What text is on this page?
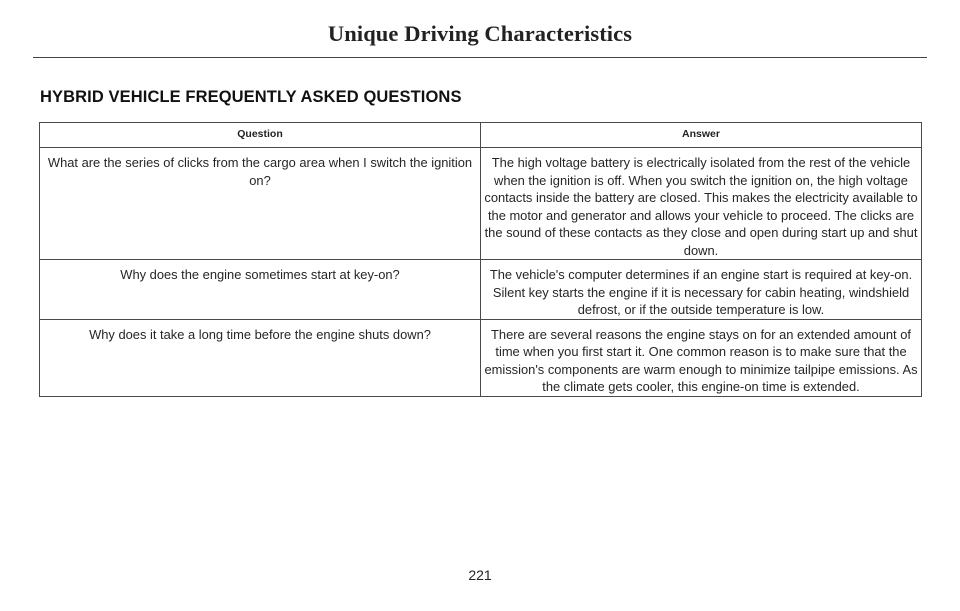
Unique Driving Characteristics
HYBRID VEHICLE FREQUENTLY ASKED QUESTIONS
Question	Answer
What are the series of clicks from the cargo area when I switch the ignition on?	The high voltage battery is electrically isolated from the rest of the vehicle when the ignition is off. When you switch the ignition on, the high voltage contacts inside the battery are closed. This makes the electricity available to the motor and generator and allows your vehicle to proceed. The clicks are the sound of these contacts as they close and open during start up and shut down.
Why does the engine sometimes start at key-on?	The vehicle's computer determines if an engine start is required at key-on. Silent key starts the engine if it is necessary for cabin heating, windshield defrost, or if the outside temperature is low.
Why does it take a long time before the engine shuts down?	There are several reasons the engine stays on for an extended amount of time when you first start it. One common reason is to make sure that the emission's components are warm enough to minimize tailpipe emissions. As the climate gets cooler, this engine-on time is extended.
221
